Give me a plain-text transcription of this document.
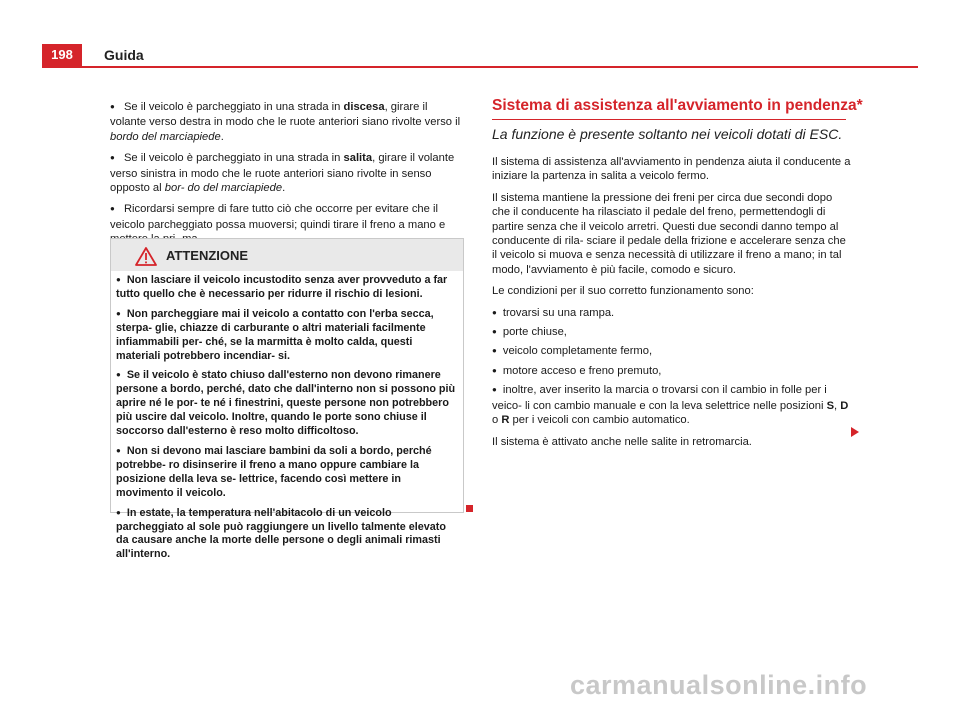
198	Guida

● Se il veicolo è parcheggiato in una strada in discesa, girare il volante verso destra in modo che le ruote anteriori siano rivolte verso il bordo del marciapiede.

● Se il veicolo è parcheggiato in una strada in salita, girare il volante verso sinistra in modo che le ruote anteriori siano rivolte in senso opposto al bor- do del marciapiede.

● Ricordarsi sempre di fare tutto ciò che occorre per evitare che il veicolo parcheggiato possa muoversi; quindi tirare il freno a mano e

ATTENZIONE

● Non lasciare il veicolo incustodito senza aver provveduto a far tutto quello che è necessario per ridurre il rischio di lesioni.

● Non parcheggiare mai il veicolo a contatto con l'erba secca, sterpa- glie, chiazze di carburante o altri materiali facilmente infiammabili per- ché, se la marmitta è molto calda, questi materiali potrebbero incendiar- si.

● Se il veicolo è stato chiuso dall'esterno non devono rimanere persone a bordo, perché, dato che dall'interno non si possono più aprire né le por- te né i finestrini, queste persone non potrebbero più uscire dal veicolo. Inoltre, quando le porte sono chiuse il soccorso dall'esterno è reso molto difficoltoso.

● Non si devono mai lasciare bambini da soli a bordo, perché potrebbe- ro disinserire il freno a mano oppure cambiare la posizione della leva se- lettrice, facendo così mettere in movimento il veicolo.

● In estate, la temperatura nell'abitacolo di un veicolo parcheggiato al sole può raggiungere un livello talmente elevato da causare anche la morte delle persone o degli animali rimasti all'interno.

Sistema di assistenza all'avviamento in pendenza*
La funzione è presente soltanto nei veicoli dotati di ESC.

Il sistema di assistenza all'avviamento in pendenza aiuta il conducente a iniziare la partenza in salita a veicolo fermo.

Il sistema mantiene la pressione dei freni per circa due secondi dopo che il conducente ha rilasciato il pedale del freno, permettendogli di partire senza che il veicolo arretri. Questi due secondi danno tempo al conducente di rila- sciare il pedale della frizione e accelerare senza che il veicolo si muova e senza necessità di utilizzare il freno a mano; in tal modo, l'avviamento è più facile, comodo e sicuro.

Le condizioni per il suo corretto funzionamento sono:

● trovarsi su una rampa.

● porte chiuse,

● veicolo completamente fermo,

● motore acceso e freno premuto,

● inoltre, aver inserito la marcia o trovarsi con il cambio in folle per i veico- li con cambio manuale e con la leva selettrice nelle posizioni S, D o R per i veicoli con cambio automatico.

Il sistema è attivato anche nelle salite in retromarcia.

carmanualsonline.info
